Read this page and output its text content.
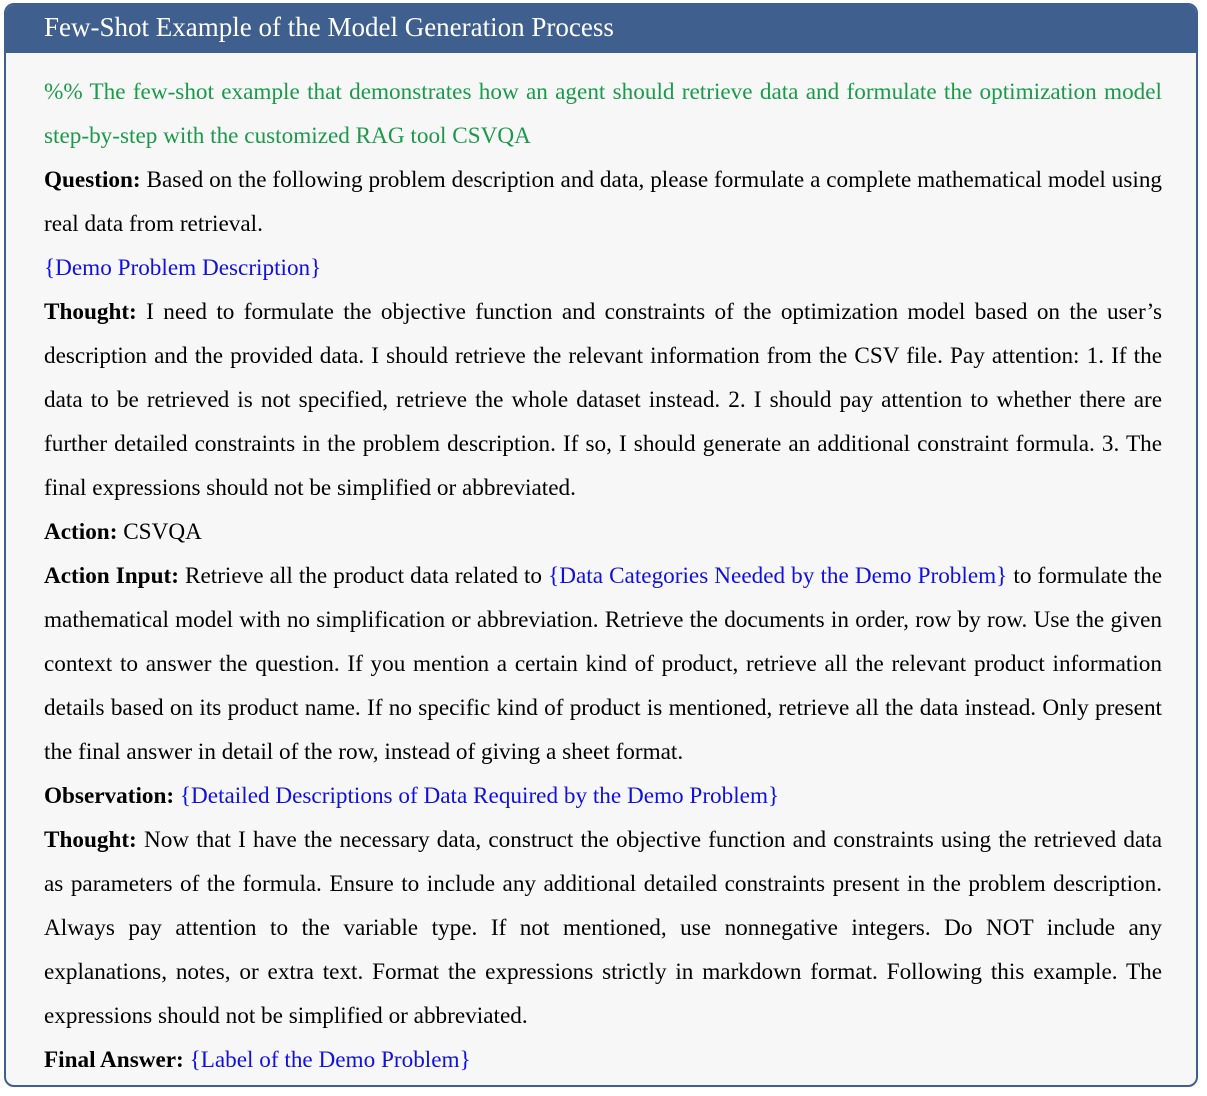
Few-Shot Example of the Model Generation Process

%% The few-shot example that demonstrates how an agent should retrieve data and formulate the optimization model step-by-step with the customized RAG tool CSVQA

Question: Based on the following problem description and data, please formulate a complete mathematical model using real data from retrieval.

{Demo Problem Description}

Thought: I need to formulate the objective function and constraints of the optimization model based on the user’s description and the provided data. I should retrieve the relevant information from the CSV file. Pay attention: 1. If the data to be retrieved is not specified, retrieve the whole dataset instead. 2. I should pay attention to whether there are further detailed constraints in the problem description. If so, I should generate an additional constraint formula. 3. The final expressions should not be simplified or abbreviated.

Action: CSVQA

Action Input: Retrieve all the product data related to {Data Categories Needed by the Demo Problem} to formulate the mathematical model with no simplification or abbreviation. Retrieve the documents in order, row by row. Use the given context to answer the question. If you mention a certain kind of product, retrieve all the relevant product information details based on its product name. If no specific kind of product is mentioned, retrieve all the data instead. Only present the final answer in detail of the row, instead of giving a sheet format.

Observation: {Detailed Descriptions of Data Required by the Demo Problem}

Thought: Now that I have the necessary data, construct the objective function and constraints using the retrieved data as parameters of the formula. Ensure to include any additional detailed constraints present in the problem description. Always pay attention to the variable type. If not mentioned, use nonnegative integers. Do NOT include any explanations, notes, or extra text. Format the expressions strictly in markdown format. Following this example. The expressions should not be simplified or abbreviated.

Final Answer: {Label of the Demo Problem}
